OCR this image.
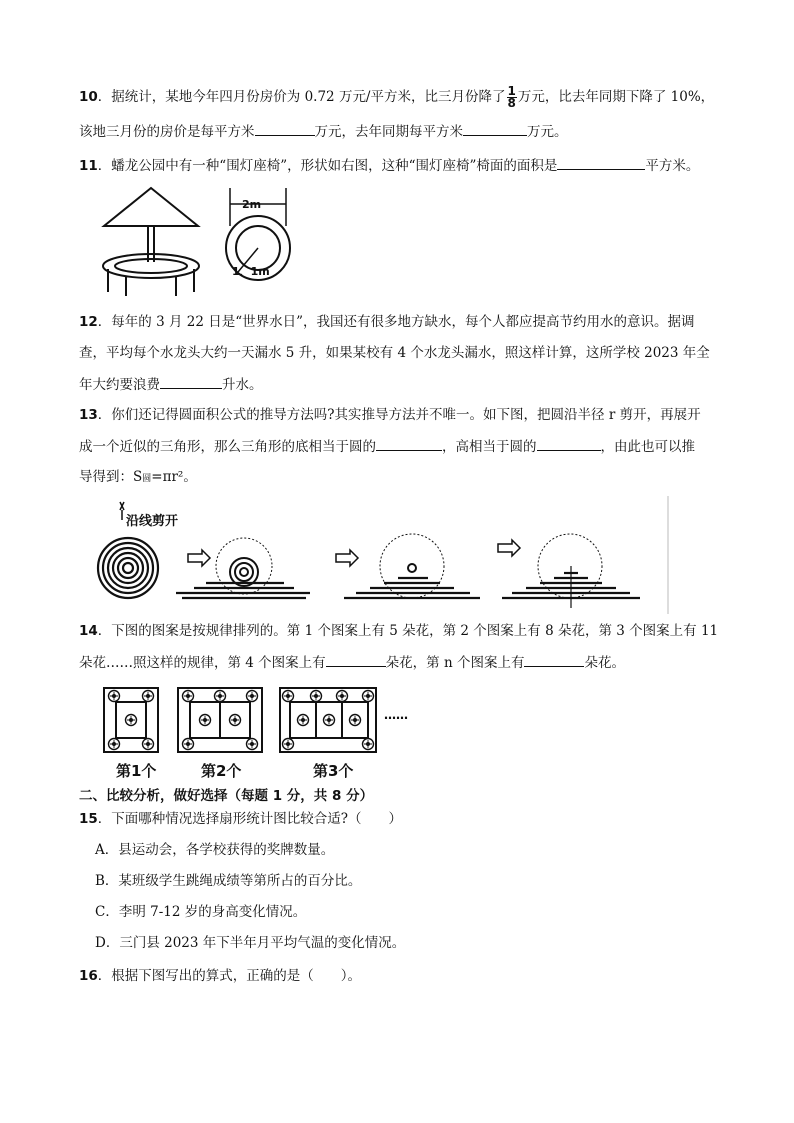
10．据统计，某地今年四月份房价为 0.72 万元/平方米，比三月份降了 $\frac{1}{8}$ 万元，比去年同期下降了 10%，
该地三月份的房价是每平方米	万元，去年同期每平方米	万元。
11．蟠龙公园中有一种“围灯座椅”，形状如右图，这种“围灯座椅”椅面的面积是	平方米。
2m
1．1m
12．每年的 3 月 22 日是“世界水日”，我国还有很多地方缺水，每个人都应提高节约用水的意识。据调
查，平均每个水龙头大约一天漏水 5 升，如果某校有 4 个水龙头漏水，照这样计算，这所学校 2023 年全
年大约要浪费	升水。
13．你们还记得圆面积公式的推导方法吗?其实推导方法并不唯一。如下图，把圆沿半径 r 剪开，再展开
成一个近似的三角形，那么三角形的底相当于圆的	，高相当于圆的	，由此也可以推
导得到：S圆=πr²。
沿线剪开
14．下图的图案是按规律排列的。第 1 个图案上有 5 朵花，第 2 个图案上有 8 朵花，第 3 个图案上有 11
朵花……照这样的规律，第 4 个图案上有	朵花，第 n 个图案上有	朵花。
……
第1个	第2个	第3个
二、比较分析，做好选择（每题 1 分，共 8 分）
15．下面哪种情况选择扇形统计图比较合适?（　　）
A．县运动会，各学校获得的奖牌数量。
B．某班级学生跳绳成绩等第所占的百分比。
C．李明 7-12 岁的身高变化情况。
D．三门县 2023 年下半年月平均气温的变化情况。
16．根据下图写出的算式，正确的是（　　）。
